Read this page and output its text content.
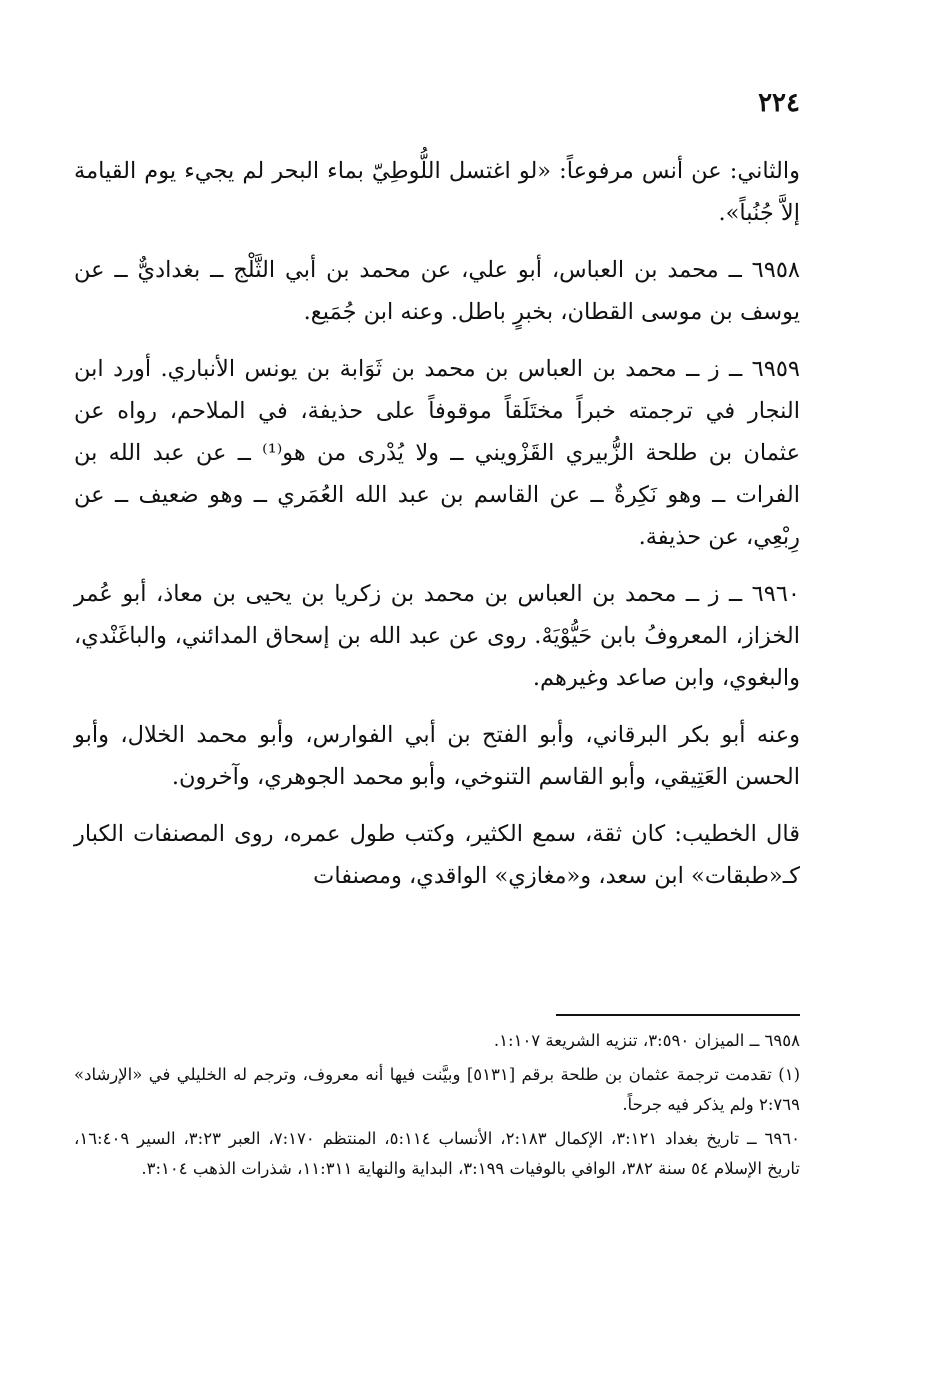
٢٢٤

والثاني: عن أنس مرفوعاً: «لو اغتسل اللُّوطِيّ بماء البحر لم يجيء يوم القيامة إلاَّ جُنُباً».

٦٩٥٨ ــ محمد بن العباس، أبو علي، عن محمد بن أبي الثَّلْج ــ بغداديٌّ ــ عن يوسف بن موسى القطان، بخبرٍ باطل. وعنه ابن جُمَيع.

٦٩٥٩ ــ ز ــ محمد بن العباس بن محمد بن ثَوَابة بن يونس الأنباري. أورد ابن النجار في ترجمته خبراً مختَلَقاً موقوفاً على حذيفة، في الملاحم، رواه عن عثمان بن طلحة الزُّبيري القَزْويني ــ ولا يُدْرى من هو⁽¹⁾ ــ عن عبد الله بن الفرات ــ وهو نَكِرةٌ ــ عن القاسم بن عبد الله العُمَري ــ وهو ضعيف ــ عن رِبْعِي، عن حذيفة.

٦٩٦٠ ــ ز ــ محمد بن العباس بن محمد بن زكريا بن يحيى بن معاذ، أبو عُمر الخزاز، المعروفُ بابن حَيُّوْيَهْ. روى عن عبد الله بن إسحاق المدائني، والباغَنْدي، والبغوي، وابن صاعد وغيرهم.

وعنه أبو بكر البرقاني، وأبو الفتح بن أبي الفوارس، وأبو محمد الخلال، وأبو الحسن العَتِيقي، وأبو القاسم التنوخي، وأبو محمد الجوهري، وآخرون.

قال الخطيب: كان ثقة، سمع الكثير، وكتب طول عمره، روى المصنفات الكبار كـ«طبقات» ابن سعد، و«مغازي» الواقدي، ومصنفات

٦٩٥٨ ــ الميزان ٣:٥٩٠، تنزيه الشريعة ١:١٠٧.

(١) تقدمت ترجمة عثمان بن طلحة برقم [٥١٣١] وبيَّنت فيها أنه معروف، وترجم له الخليلي في «الإرشاد» ٢:٧٦٩ ولم يذكر فيه جرحاً.

٦٩٦٠ ــ تاريخ بغداد ٣:١٢١، الإكمال ٢:١٨٣، الأنساب ٥:١١٤، المنتظم ٧:١٧٠، العبر ٣:٢٣، السير ١٦:٤٠٩، تاريخ الإسلام ٥٤ سنة ٣٨٢، الوافي بالوفيات ٣:١٩٩، البداية والنهاية ١١:٣١١، شذرات الذهب ٣:١٠٤.
